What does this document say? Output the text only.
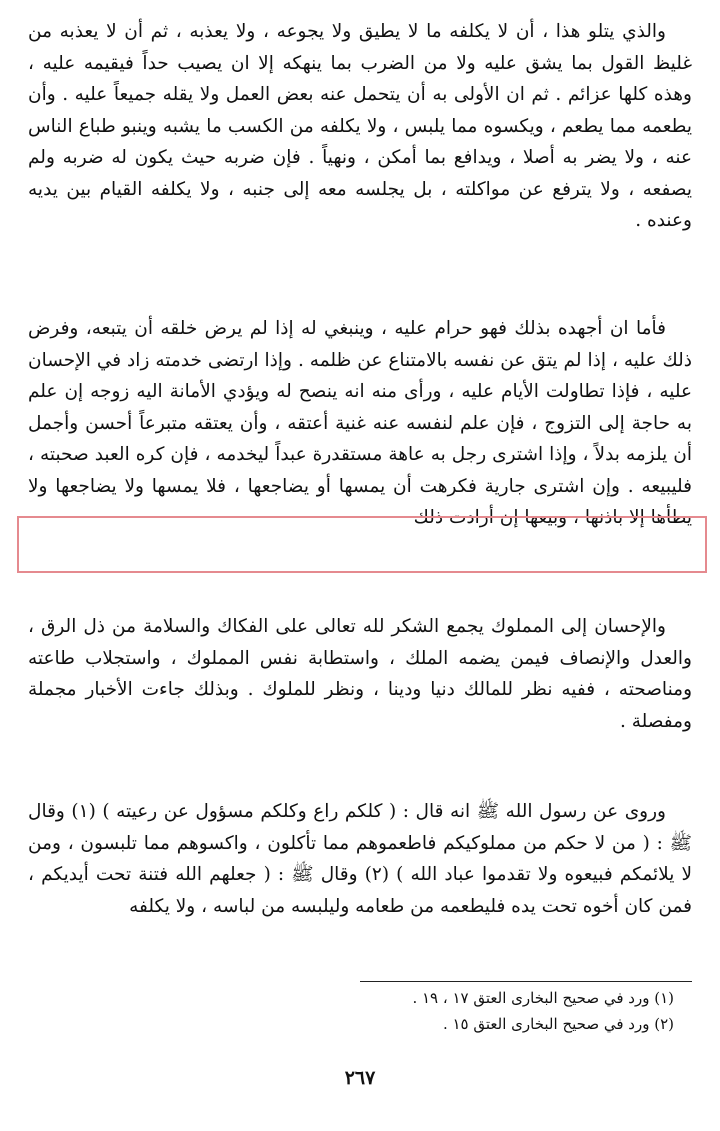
والذي يتلو هذا ، أن لا يكلفه ما لا يطيق ولا يجوعه ، ولا يعذبه ، ثم أن لا يعذبه من غليظ القول بما يشق عليه ولا من الضرب بما ينهكه إلا ان يصيب حداً فيقيمه عليه ، وهذه كلها عزائم . ثم ان الأولى به أن يتحمل عنه بعض العمل ولا يقله جميعاً عليه . وأن يطعمه مما يطعم ، ويكسوه مما يلبس ، ولا يكلفه من الكسب ما يشبه وينبو طباع الناس عنه ، ولا يضر به أصلا ، ويدافع بما أمكن ، ونهياً . فإن ضربه حيث يكون له ضربه ولم يصفعه ، ولا يترفع عن مواكلته ، بل يجلسه معه إلى جنبه ، ولا يكلفه القيام بين يديه وعنده .

فأما ان أجهده بذلك فهو حرام عليه ، وينبغي له إذا لم يرض خلقه أن يتبعه، وفرض ذلك عليه ، إذا لم يتق عن نفسه بالامتناع عن ظلمه . وإذا ارتضى خدمته زاد في الإحسان عليه ، فإذا تطاولت الأيام عليه ، ورأى منه انه ينصح له ويؤدي الأمانة اليه زوجه إن علم به حاجة إلى التزوج ، فإن علم لنفسه عنه غنية أعتقه ، وأن يعتقه متبرعاً أحسن وأجمل أن يلزمه بدلاً ، وإذا اشترى رجل به عاهة مستقدرة عبداً ليخدمه ، فإن كره العبد صحبته ، فليبيعه . وإن اشترى جارية فكرهت أن يمسها أو يضاجعها ، فلا يمسها ولا يضاجعها ولا يطأها إلا باذنها ، وبيعها إن أرادت ذلك

والإحسان إلى المملوك يجمع الشكر لله تعالى على الفكاك والسلامة من ذل الرق ، والعدل والإنصاف فيمن يضمه الملك ، واستطابة نفس المملوك ، واستجلاب طاعته ومناصحته ، ففيه نظر للمالك دنيا ودينا ، ونظر للملوك . وبذلك جاءت الأخبار مجملة ومفصلة .

وروى عن رسول الله ﷺ انه قال : ( كلكم راع وكلكم مسؤول عن رعيته ) (١) وقال ﷺ : ( من لا حكم من مملوكيكم فاطعموهم مما تأكلون ، واكسوهم مما تلبسون ، ومن لا يلائمكم فبيعوه ولا تقدموا عباد الله ) (٢) وقال ﷺ : ( جعلهم الله فتنة تحت أيديكم ، فمن كان أخوه تحت يده فليطعمه من طعامه وليلبسه من لباسه ، ولا يكلفه

(١) ورد في صحيح البخارى العتق ١٧ ، ١٩ .
(٢) ورد في صحيح البخارى العتق ١٥ .
٢٦٧
